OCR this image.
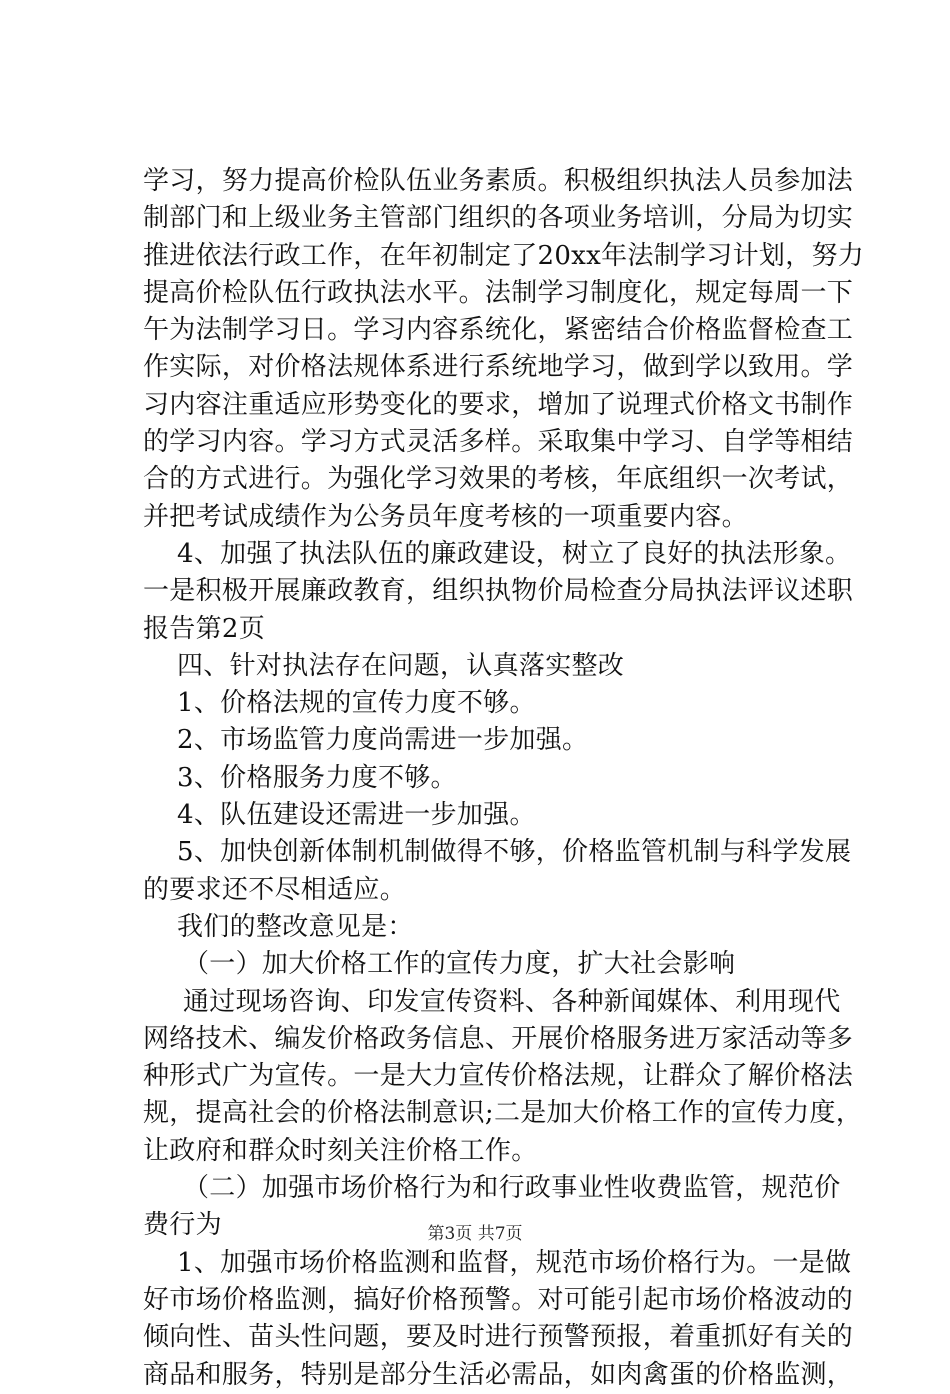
学习，努力提高价检队伍业务素质。积极组织执法人员参加法
制部门和上级业务主管部门组织的各项业务培训，分局为切实
推进依法行政工作，在年初制定了20xx年法制学习计划，努力
提高价检队伍行政执法水平。法制学习制度化，规定每周一下
午为法制学习日。学习内容系统化，紧密结合价格监督检查工
作实际，对价格法规体系进行系统地学习，做到学以致用。学
习内容注重适应形势变化的要求，增加了说理式价格文书制作
的学习内容。学习方式灵活多样。采取集中学习、自学等相结
合的方式进行。为强化学习效果的考核，年底组织一次考试，
并把考试成绩作为公务员年度考核的一项重要内容。
4、加强了执法队伍的廉政建设，树立了良好的执法形象。
一是积极开展廉政教育，组织执物价局检查分局执法评议述职
报告第2页
四、针对执法存在问题，认真落实整改
1、价格法规的宣传力度不够。
2、市场监管力度尚需进一步加强。
3、价格服务力度不够。
4、队伍建设还需进一步加强。
5、加快创新体制机制做得不够，价格监管机制与科学发展
的要求还不尽相适应。
我们的整改意见是：
（一）加大价格工作的宣传力度，扩大社会影响
通过现场咨询、印发宣传资料、各种新闻媒体、利用现代
网络技术、编发价格政务信息、开展价格服务进万家活动等多
种形式广为宣传。一是大力宣传价格法规，让群众了解价格法
规，提高社会的价格法制意识;二是加大价格工作的宣传力度，
让政府和群众时刻关注价格工作。
（二）加强市场价格行为和行政事业性收费监管，规范价
费行为
1、加强市场价格监测和监督，规范市场价格行为。一是做
好市场价格监测，搞好价格预警。对可能引起市场价格波动的
倾向性、苗头性问题，要及时进行预警预报，着重抓好有关的
商品和服务，特别是部分生活必需品，如肉禽蛋的价格监测，
第3页 共7页
